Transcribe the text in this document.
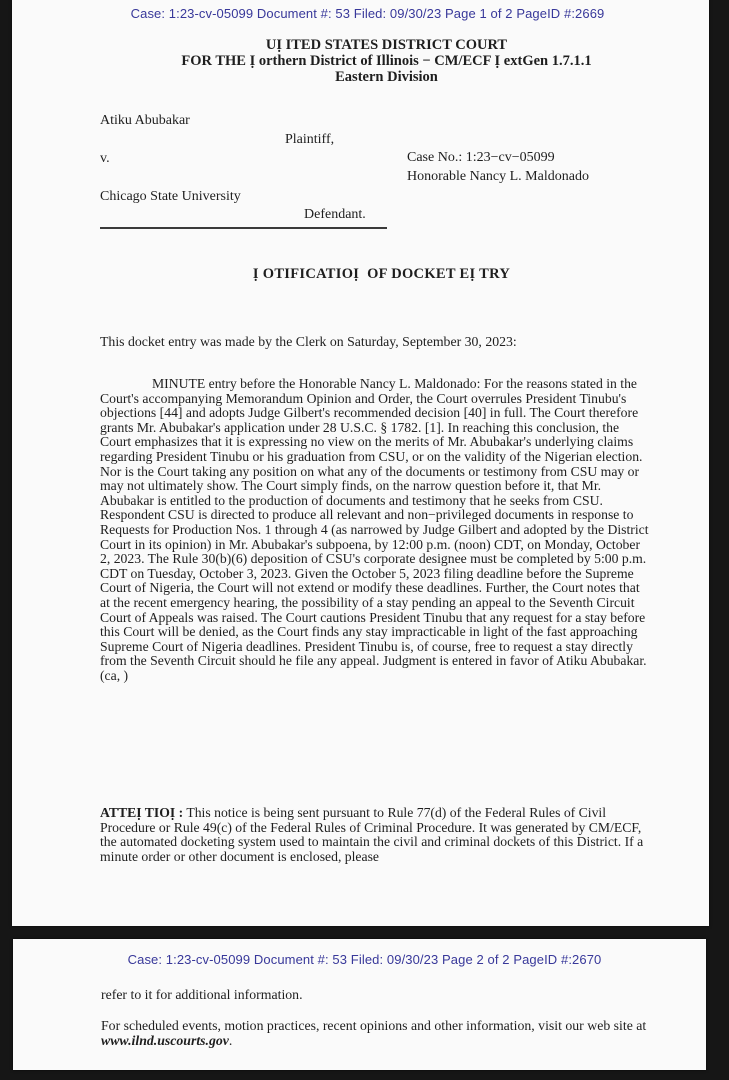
Case: 1:23-cv-05099 Document #: 53 Filed: 09/30/23 Page 1 of 2 PageID #:2669
UỊ ITED STATES DISTRICT COURT
FOR THE Ị orthern District of Illinois − CM/ECF Ị extGen 1.7.1.1
Eastern Division
Atiku Abubakar
Plaintiff,
v.	Case No.: 1:23−cv−05099
Honorable Nancy L. Maldonado
Chicago State University
Defendant.
Ị OTIFICATIOỊ  OF DOCKET EỊ TRY
This docket entry was made by the Clerk on Saturday, September 30, 2023:

MINUTE entry before the Honorable Nancy L. Maldonado: For the reasons stated in the Court's accompanying Memorandum Opinion and Order, the Court overrules President Tinubu's objections [44] and adopts Judge Gilbert's recommended decision [40] in full. The Court therefore grants Mr. Abubakar's application under 28 U.S.C. § 1782. [1]. In reaching this conclusion, the Court emphasizes that it is expressing no view on the merits of Mr. Abubakar's underlying claims regarding President Tinubu or his graduation from CSU, or on the validity of the Nigerian election. Nor is the Court taking any position on what any of the documents or testimony from CSU may or may not ultimately show. The Court simply finds, on the narrow question before it, that Mr. Abubakar is entitled to the production of documents and testimony that he seeks from CSU. Respondent CSU is directed to produce all relevant and non−privileged documents in response to Requests for Production Nos. 1 through 4 (as narrowed by Judge Gilbert and adopted by the District Court in its opinion) in Mr. Abubakar's subpoena, by 12:00 p.m. (noon) CDT, on Monday, October 2, 2023. The Rule 30(b)(6) deposition of CSU's corporate designee must be completed by 5:00 p.m. CDT on Tuesday, October 3, 2023. Given the October 5, 2023 filing deadline before the Supreme Court of Nigeria, the Court will not extend or modify these deadlines. Further, the Court notes that at the recent emergency hearing, the possibility of a stay pending an appeal to the Seventh Circuit Court of Appeals was raised. The Court cautions President Tinubu that any request for a stay before this Court will be denied, as the Court finds any stay impracticable in light of the fast approaching Supreme Court of Nigeria deadlines. President Tinubu is, of course, free to request a stay directly from the Seventh Circuit should he file any appeal. Judgment is entered in favor of Atiku Abubakar. (ca, )

ATTEỊ TIOỊ : This notice is being sent pursuant to Rule 77(d) of the Federal Rules of Civil Procedure or Rule 49(c) of the Federal Rules of Criminal Procedure. It was generated by CM/ECF, the automated docketing system used to maintain the civil and criminal dockets of this District. If a minute order or other document is enclosed, please

Case: 1:23-cv-05099 Document #: 53 Filed: 09/30/23 Page 2 of 2 PageID #:2670
refer to it for additional information.

For scheduled events, motion practices, recent opinions and other information, visit our web site at www.ilnd.uscourts.gov.
